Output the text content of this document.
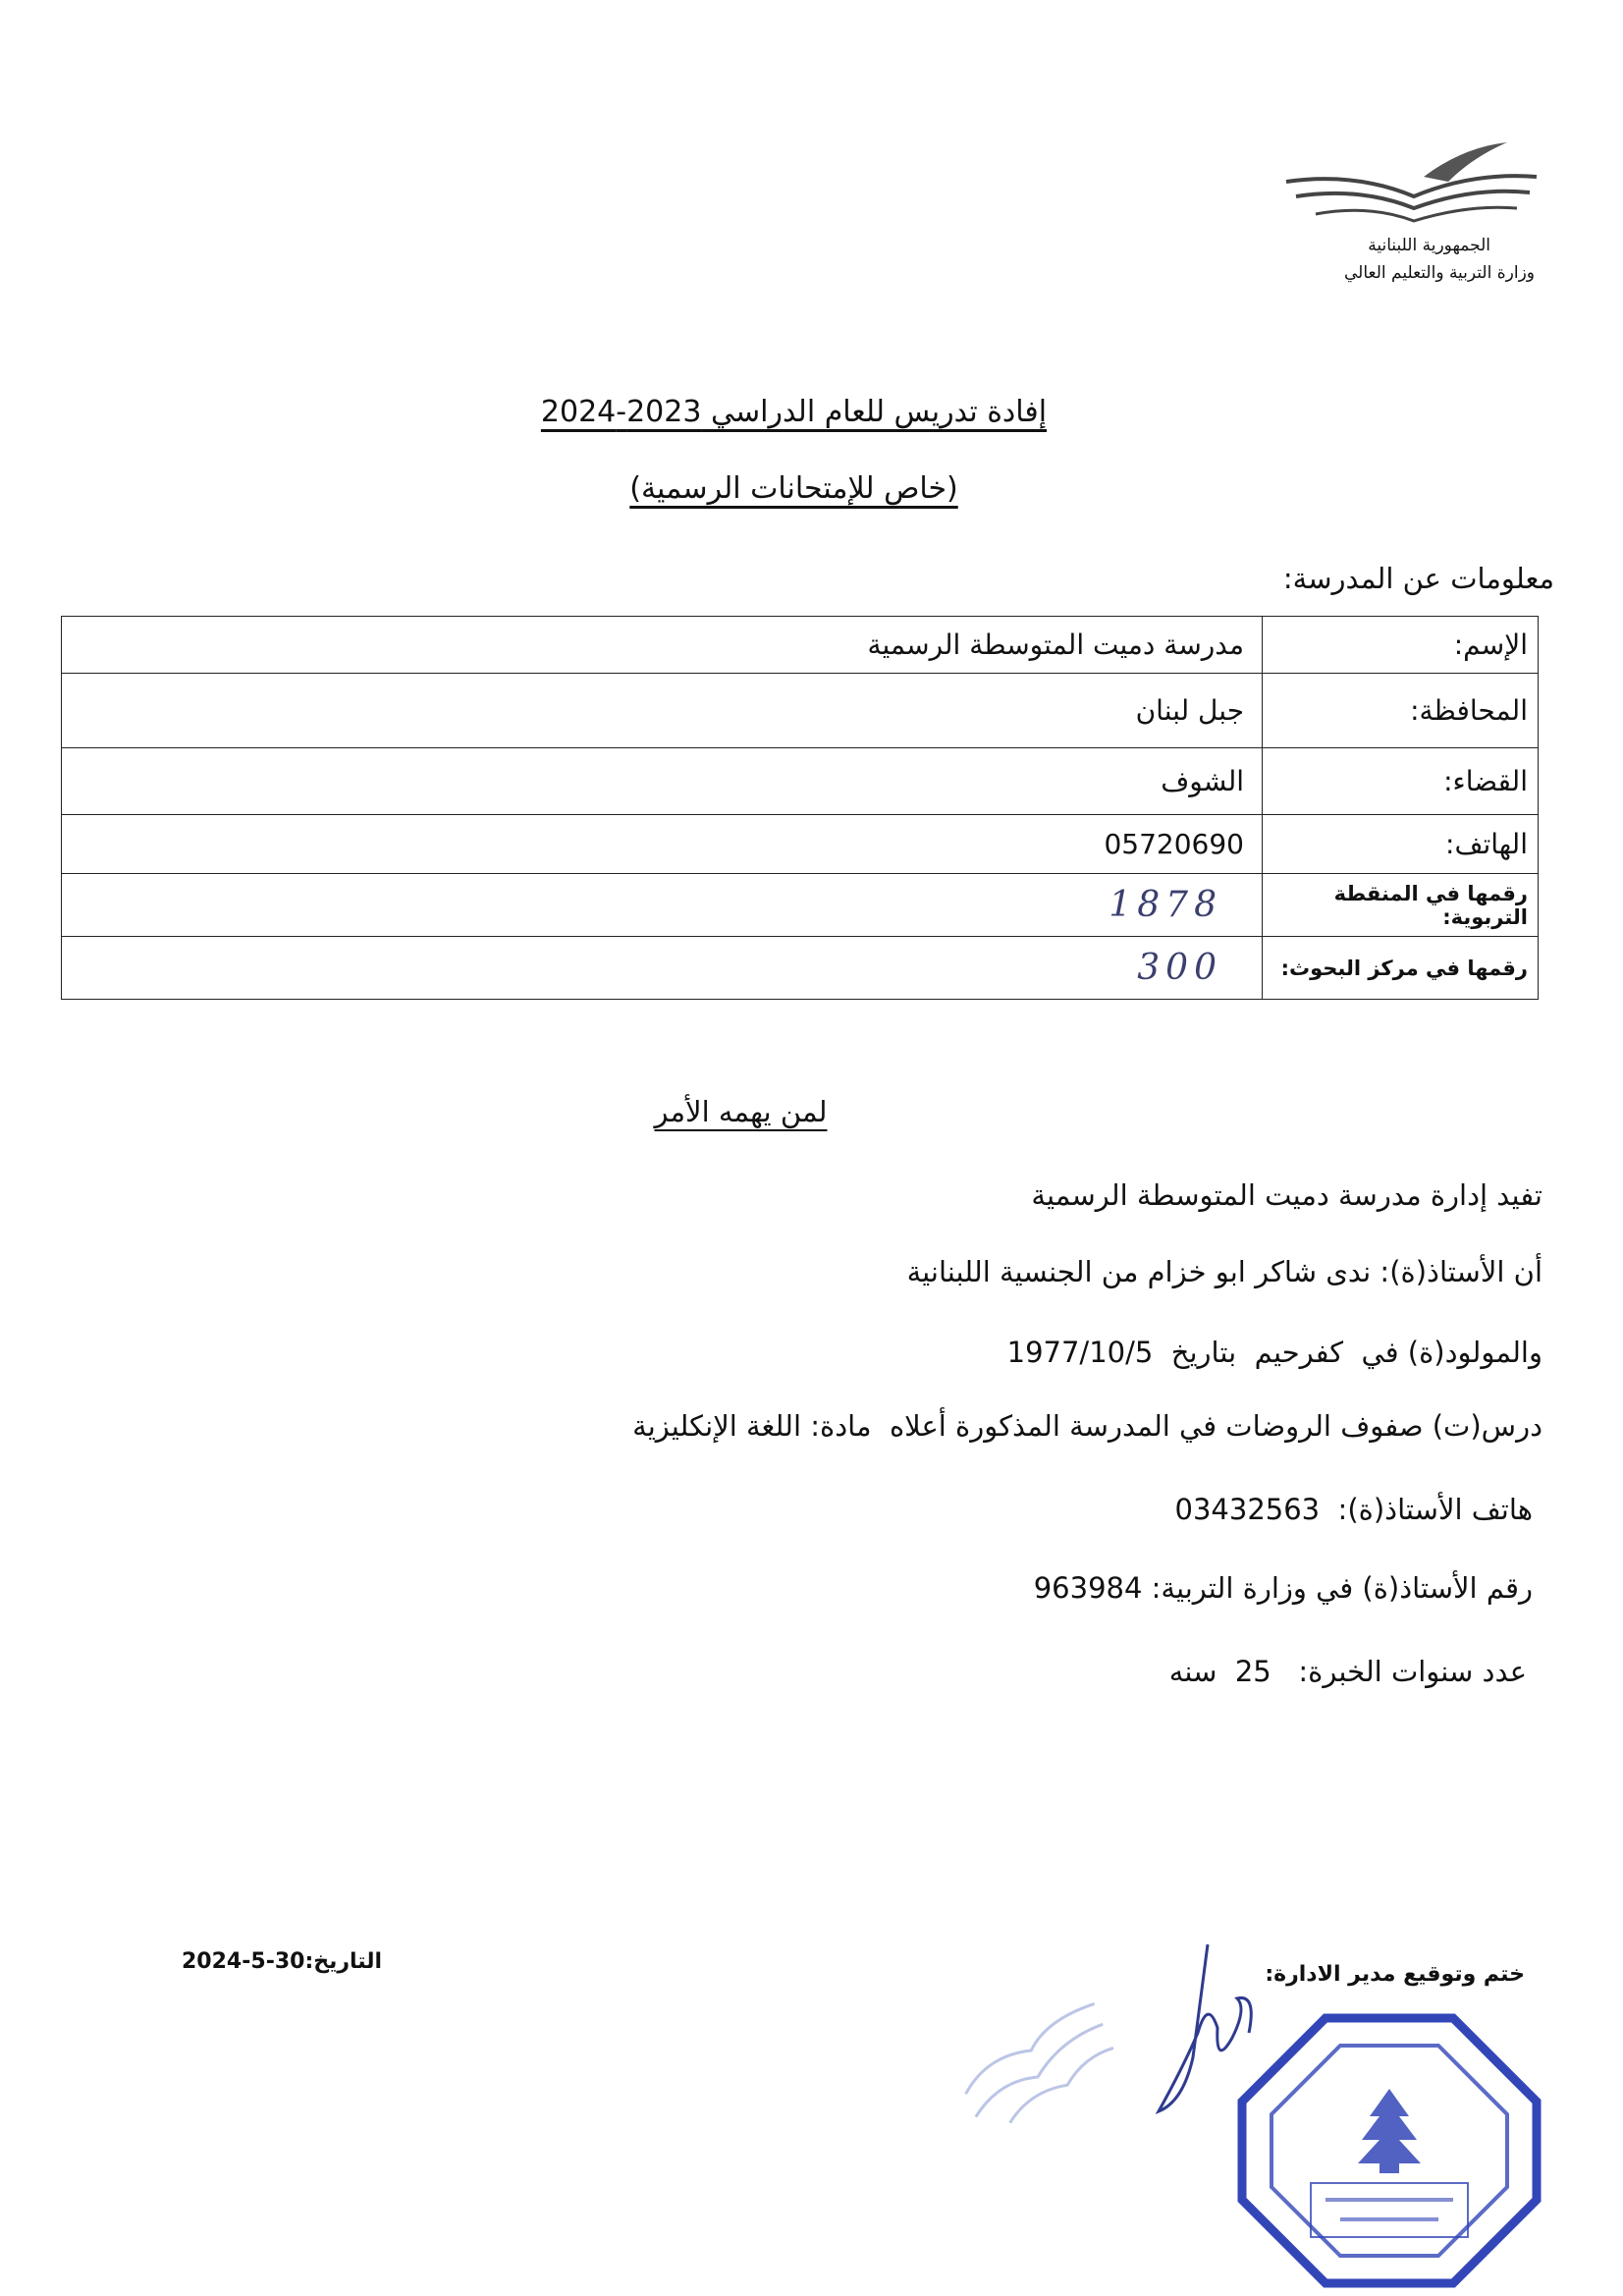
الجمهورية اللبنانية
وزارة التربية والتعليم العالي
إفادة تدريس للعام الدراسي 2023-2024
(خاص للإمتحانات الرسمية)
معلومات عن المدرسة:
الإسم:	مدرسة دميت المتوسطة الرسمية
المحافظة:	جبل لبنان
القضاء:	الشوف
الهاتف:	05720690
رقمها في المنقطة التربوية:	1878
رقمها في مركز البحوث:	300
لمن يهمه الأمر
تفيد إدارة مدرسة دميت المتوسطة الرسمية
أن الأستاذ(ة): ندى شاكر ابو خزام من الجنسية اللبنانية
والمولود(ة) في  كفرحيم  بتاريخ  1977/10/5
درس(ت) صفوف الروضات في المدرسة المذكورة أعلاه  مادة: اللغة الإنكليزية
هاتف الأستاذ(ة):  03432563
رقم الأستاذ(ة) في وزارة التربية: 963984
عدد سنوات الخبرة:   25  سنه
التاريخ:30-5-2024
ختم وتوقيع مدير الادارة:
